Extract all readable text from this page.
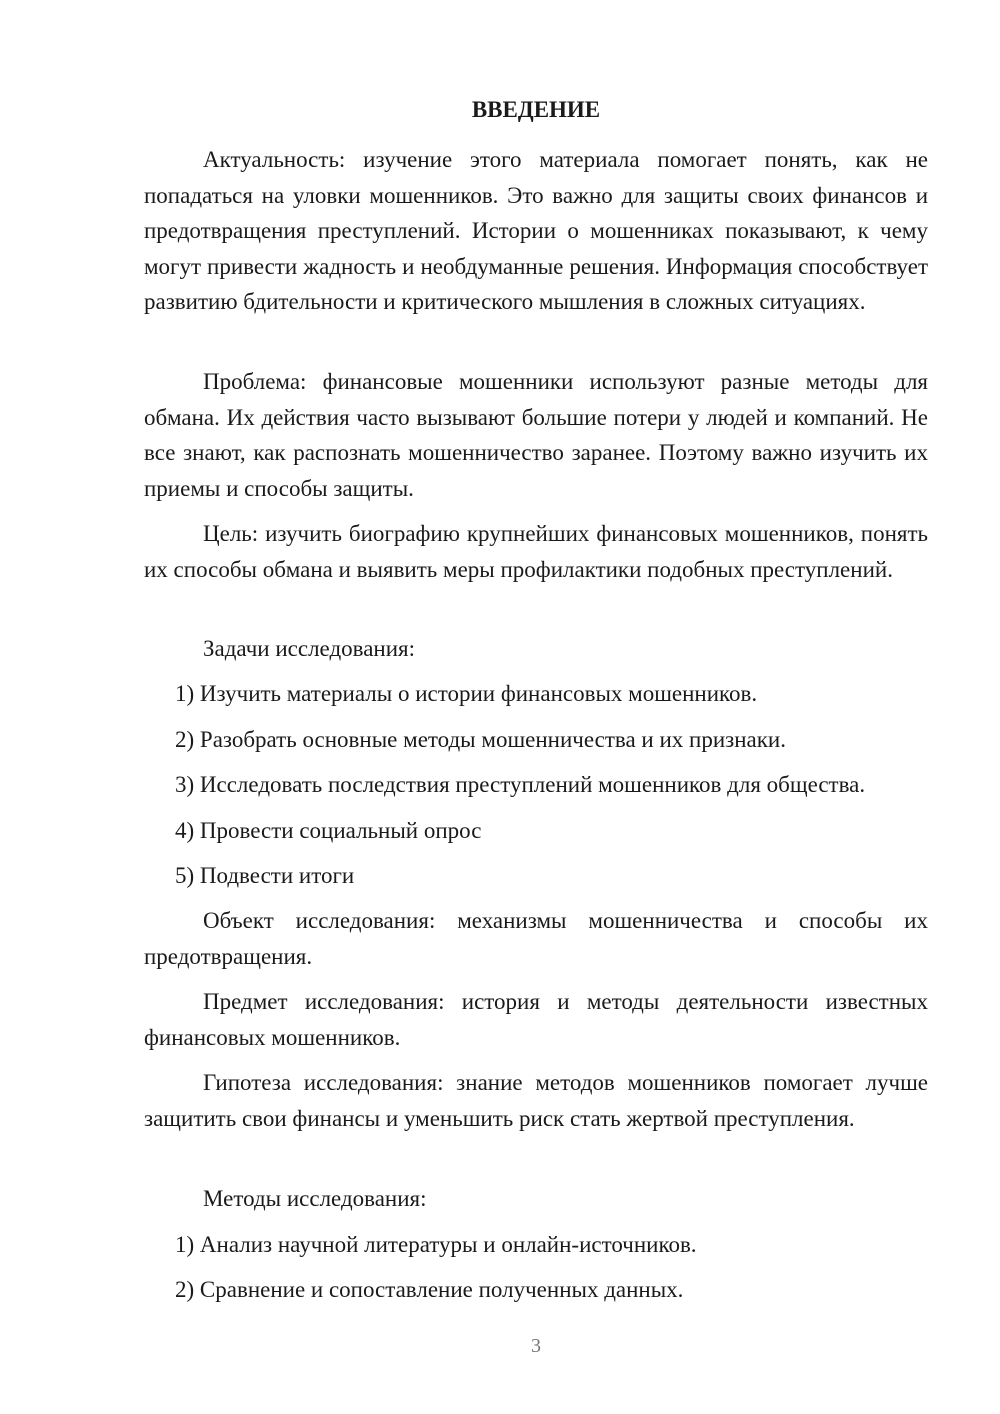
ВВЕДЕНИЕ

Актуальность: изучение этого материала помогает понять, как не попадаться на уловки мошенников. Это важно для защиты своих финансов и предотвращения преступлений. Истории о мошенниках показывают, к чему могут привести жадность и необдуманные решения. Информация способствует развитию бдительности и критического мышления в сложных ситуациях.

Проблема: финансовые мошенники используют разные методы для обмана. Их действия часто вызывают большие потери у людей и компаний. Не все знают, как распознать мошенничество заранее. Поэтому важно изучить их приемы и способы защиты.

Цель: изучить биографию крупнейших финансовых мошенников, понять их способы обмана и выявить меры профилактики подобных преступлений.

Задачи исследования:

1) Изучить материалы о истории финансовых мошенников.

2) Разобрать основные методы мошенничества и их признаки.

3) Исследовать последствия преступлений мошенников для общества.

4) Провести социальный опрос

5) Подвести итоги

Объект исследования: механизмы мошенничества и способы их предотвращения.

Предмет исследования: история и методы деятельности известных финансовых мошенников.

Гипотеза исследования: знание методов мошенников помогает лучше защитить свои финансы и уменьшить риск стать жертвой преступления.

Методы исследования:

1) Анализ научной литературы и онлайн-источников.

2) Сравнение и сопоставление полученных данных.

3
